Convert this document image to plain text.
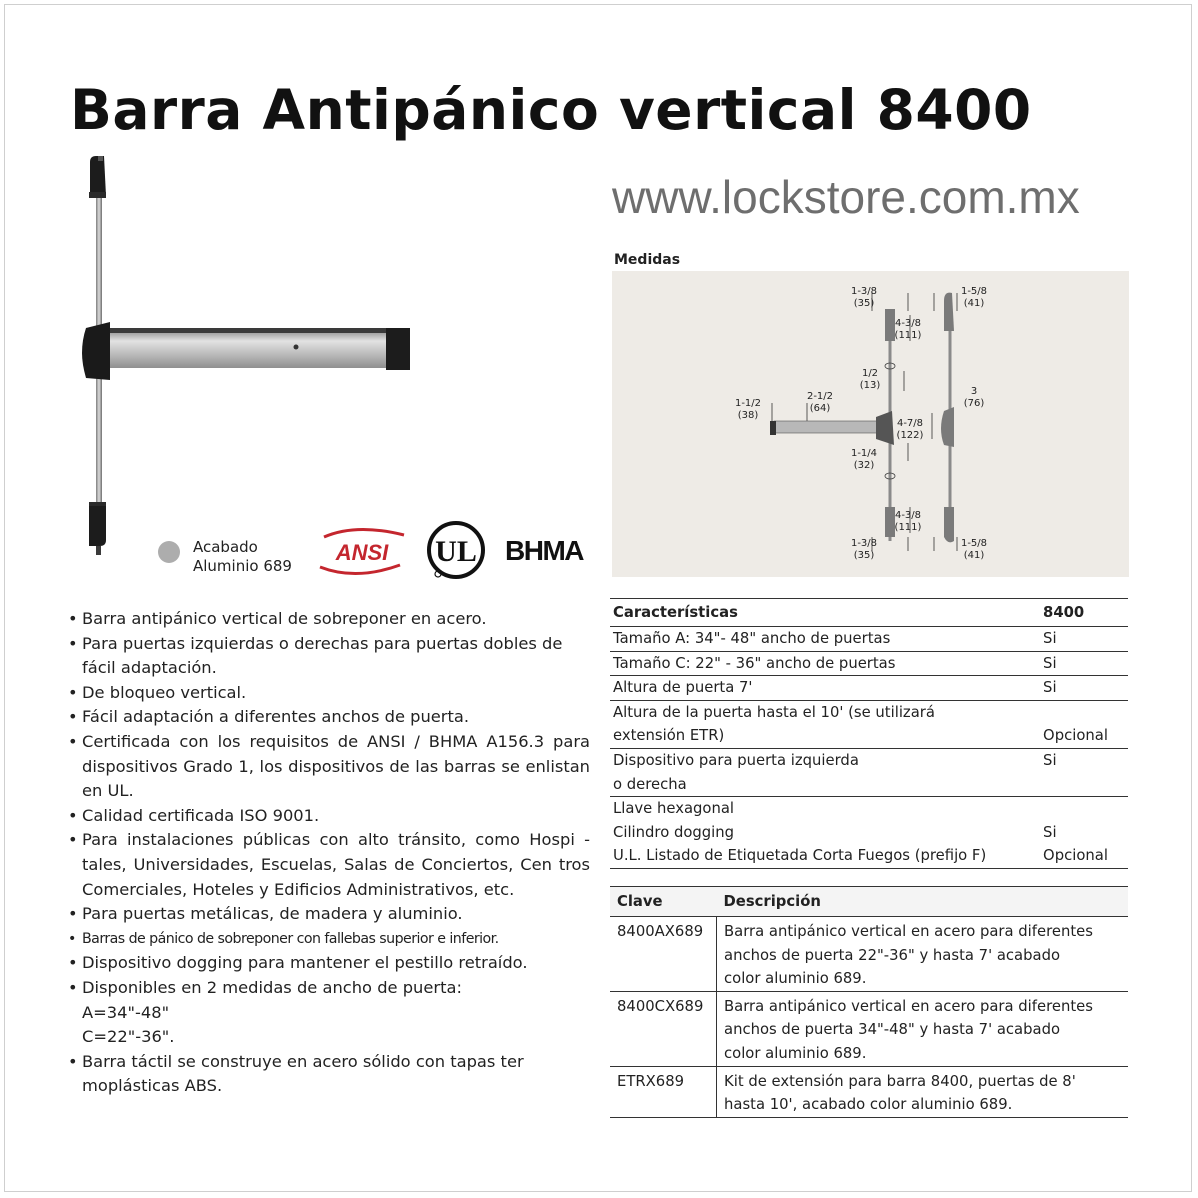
Barra Antipánico vertical 8400
www.lockstore.com.mx
Acabado
Aluminio 689
ANSI UL BHMA
• Barra antipánico vertical de sobreponer en acero.
• Para puertas izquierdas o derechas para puertas dobles de fácil adaptación.
• De bloqueo vertical.
• Fácil adaptación a diferentes anchos de puerta.
• Certificada con los requisitos de ANSI / BHMA A156.3 para dispositivos Grado 1, los dispositivos de las barras se enlistan en UL.
• Calidad certificada ISO 9001.
• Para instalaciones públicas con alto tránsito, como Hospi - tales, Universidades, Escuelas, Salas de Conciertos, Cen tros Comerciales, Hoteles y Edificios Administrativos, etc.
• Para puertas metálicas, de madera y aluminio.
• Barras de pánico de sobreponer con fallebas superior e inferior.
• Dispositivo dogging para mantener el pestillo retraído.
• Disponibles en 2 medidas de ancho de puerta:
A=34"-48"
C=22"-36".
• Barra táctil se construye en acero sólido con tapas ter moplásticas ABS.
Medidas
1-3/8
(35)
1-5/8
(41)
4-3/8
(111)
1/2
(13)
3
(76)
1-1/2
(38)
2-1/2
(64)
4-7/8
(122)
1-1/4
(32)
4-3/8
(111)
1-3/8
(35)
1-5/8
(41)
Características	8400
Tamaño A: 34"- 48" ancho de puertas	Si
Tamaño C: 22" - 36" ancho de puertas	Si
Altura de puerta 7'	Si
Altura de la puerta hasta el 10' (se utilizará
extensión ETR)	Opcional
Dispositivo para puerta izquierda
o derecha	Si
Llave hexagonal
Cilindro dogging	Si
U.L. Listado de Etiquetada Corta Fuegos (prefijo F)	Opcional
Clave	Descripción
8400AX689	Barra antipánico vertical en acero para diferentes
anchos de puerta 22"-36" y hasta 7' acabado
color aluminio 689.
8400CX689	Barra antipánico vertical en acero para diferentes
anchos de puerta 34"-48" y hasta 7' acabado
color aluminio 689.
ETRX689	Kit de extensión para barra 8400, puertas de 8'
hasta 10', acabado color aluminio 689.
